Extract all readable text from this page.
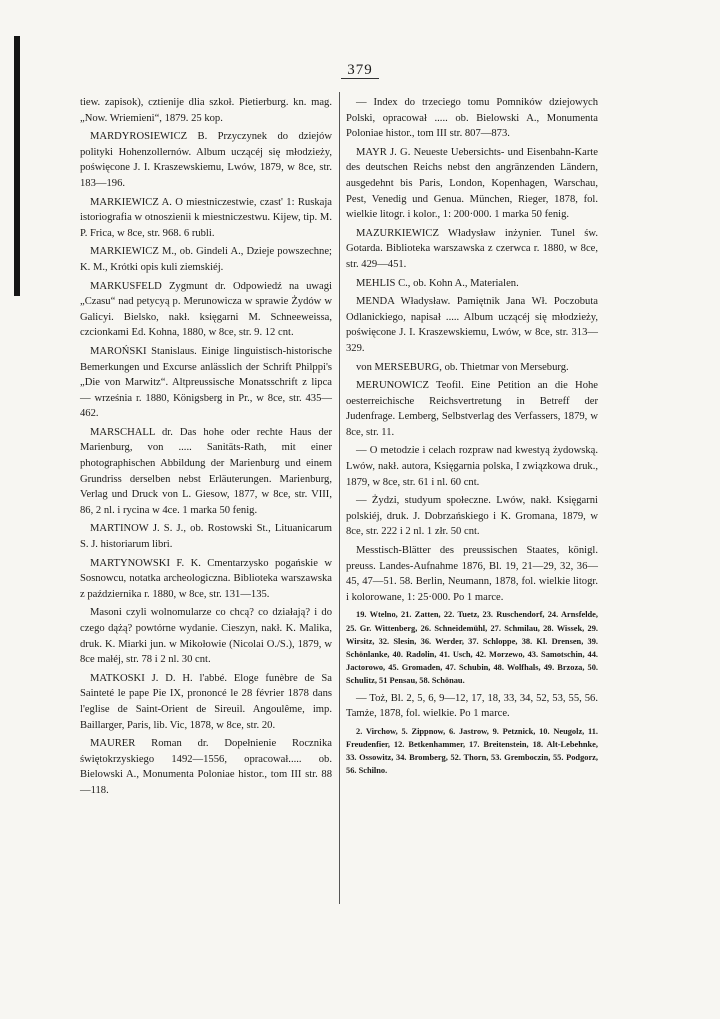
379

tiew. zapisok), cztienije dlia szkoł. Pietierburg. kn. mag. „Now. Wriemieni“, 1879. 25 kop.

MARDYROSIEWICZ B. Przyczynek do dziejów polityki Hohenzollernów. Album uczącéj się młodzieży, poświęcone J. I. Kraszewskiemu, Lwów, 1879, w 8ce, str. 183—196.

MARKIEWICZ A. O miestniczestwie, czast' 1: Ruskaja istoriografia w otnoszienii k miestniczestwu. Kijew, tip. M. P. Frica, w 8ce, str. 968. 6 rubli.

MARKIEWICZ M., ob. Gindeli A., Dzieje powszechne; K. M., Krótki opis kuli ziemskiéj.

MARKUSFELD Zygmunt dr. Odpowiedź na uwagi „Czasu“ nad petycyą p. Merunowicza w sprawie Żydów w Galicyi. Bielsko, nakł. księgarni M. Schneeweissa, czcionkami Ed. Kohna, 1880, w 8ce, str. 9. 12 cnt.

MAROŃSKI Stanislaus. Einige linguistisch-historische Bemerkungen und Excurse anlässlich der Schrift Philppi's „Die von Marwitz“. Altpreussische Monatsschrift z lipca — września r. 1880, Königsberg in Pr., w 8ce, str. 435—462.

MARSCHALL dr. Das hohe oder rechte Haus der Marienburg, von ..... Sanitäts-Rath, mit einer photographischen Abbildung der Marienburg und einem Grundriss derselben nebst Erläuterungen. Marienburg, Verlag und Druck von L. Giesow, 1877, w 8ce, str. VIII, 86, 2 nl. i rycina w 4ce. 1 marka 50 fenig.

MARTINOW J. S. J., ob. Rostowski St., Lituanicarum S. J. historiarum libri.

MARTYNOWSKI F. K. Cmentarzysko pogańskie w Sosnowcu, notatka archeologiczna. Biblioteka warszawska z października r. 1880, w 8ce, str. 131—135.

Masoni czyli wolnomularze co chcą? co działają? i do czego dążą? powtórne wydanie. Cieszyn, nakł. K. Malika, druk. K. Miarki jun. w Mikołowie (Nicolai O./S.), 1879, w 8ce małéj, str. 78 i 2 nl. 30 cnt.

MATKOSKI J. D. H. l'abbé. Eloge funèbre de Sa Sainteté le pape Pie IX, prononcé le 28 février 1878 dans l'eglise de Saint-Orient de Sireuil. Angoulême, imp. Baillarger, Paris, lib. Vic, 1878, w 8ce, str. 20.

MAURER Roman dr. Dopełnienie Rocznika świętokrzyskiego 1492—1556, opracował..... ob. Bielowski A., Monumenta Poloniae histor., tom III str. 88—118.

— Index do trzeciego tomu Pomników dziejowych Polski, opracował ..... ob. Bielowski A., Monumenta Poloniae histor., tom III str. 807—873.

MAYR J. G. Neueste Uebersichts- und Eisenbahn-Karte des deutschen Reichs nebst den angränzenden Ländern, ausgedehnt bis Paris, London, Kopenhagen, Warschau, Pest, Venedig und Genua. München, Rieger, 1878, fol. wielkie litogr. i kolor., 1: 200·000. 1 marka 50 fenig.

MAZURKIEWICZ Władysław inżynier. Tunel św. Gotarda. Biblioteka warszawska z czerwca r. 1880, w 8ce, str. 429—451.

MEHLIS C., ob. Kohn A., Materialen.

MENDA Władysław. Pamiętnik Jana Wł. Poczobuta Odlanickiego, napisał ..... Album uczącéj się młodzieży, poświęcone J. I. Kraszewskiemu, Lwów, w 8ce, str. 313—329.

von MERSEBURG, ob. Thietmar von Merseburg.

MERUNOWICZ Teofil. Eine Petition an die Hohe oesterreichische Reichsvertretung in Betreff der Judenfrage. Lemberg, Selbstverlag des Verfassers, 1879, w 8ce, str. 11.

— O metodzie i celach rozpraw nad kwestyą żydowską. Lwów, nakł. autora, Księgarnia polska, I związkowa druk., 1879, w 8ce, str. 61 i nl. 60 cnt.

— Żydzi, studyum społeczne. Lwów, nakł. Księgarni polskiéj, druk. J. Dobrzańskiego i K. Gromana, 1879, w 8ce, str. 222 i 2 nl. 1 złr. 50 cnt.

Messtisch-Blätter des preussischen Staates, königl. preuss. Landes-Aufnahme 1876, Bl. 19, 21—29, 32, 36—45, 47—51. 58. Berlin, Neumann, 1878, fol. wielkie litogr. i kolorowane, 1: 25·000. Po 1 marce.

19. Wtelno, 21. Zatten, 22. Tuetz, 23. Ruschendorf, 24. Arnsfelde, 25. Gr. Wittenberg, 26. Schneidemühl, 27. Schmilau, 28. Wissek, 29. Wirsitz, 32. Slesin, 36. Werder, 37. Schloppe, 38. Kl. Drensen, 39. Schönlanke, 40. Radolin, 41. Usch, 42. Morzewo, 43. Samotschin, 44. Jactorowo, 45. Gromaden, 47. Schubin, 48. Wolfhals, 49. Brzoza, 50. Schulitz, 51 Pensau, 58. Schönau.

— Toż, Bl. 2, 5, 6, 9—12, 17, 18, 33, 34, 52, 53, 55, 56. Tamże, 1878, fol. wielkie. Po 1 marce.

2. Virchow, 5. Zippnow, 6. Jastrow, 9. Petznick, 10. Neugolz, 11. Freudenfier, 12. Betkenhammer, 17. Breitenstein, 18. Alt-Lebehnke, 33. Ossowitz, 34. Bromberg, 52. Thorn, 53. Gremboczin, 55. Podgorz, 56. Schilno.
